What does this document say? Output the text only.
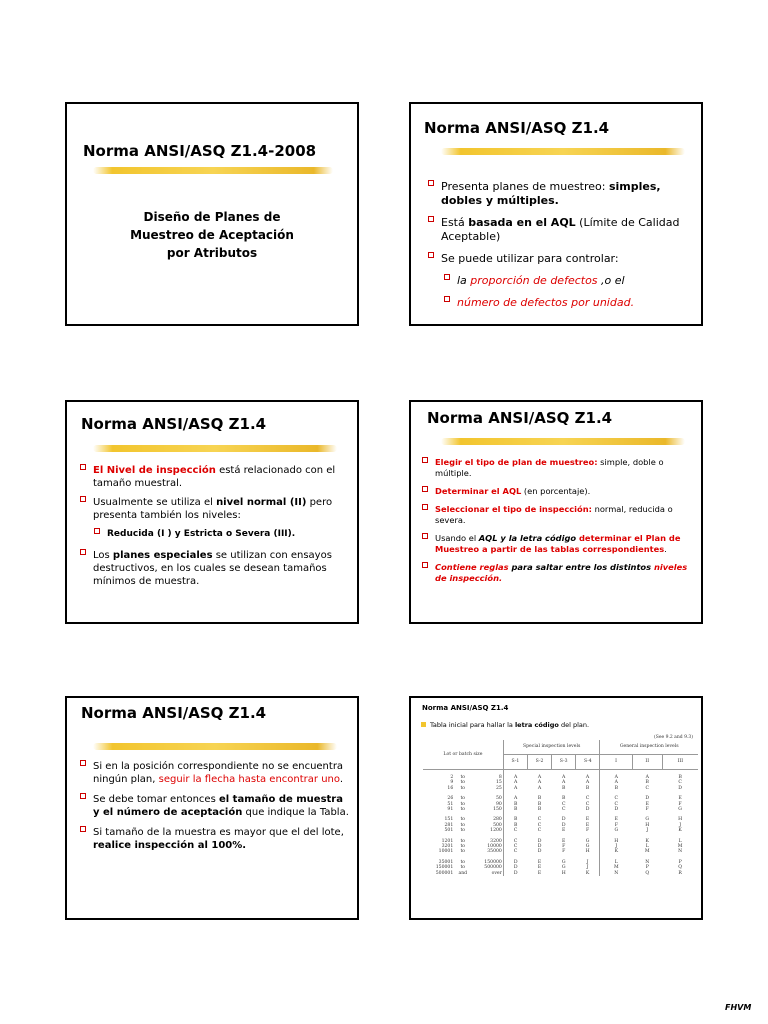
Norma ANSI/ASQ Z1.4-2008
Diseño de Planes de
Muestreo de Aceptación
por Atributos
Norma ANSI/ASQ Z1.4
Presenta planes de muestreo: simples, dobles y múltiples.
Está basada en el AQL (Límite de Calidad Aceptable)
Se puede utilizar para controlar:
la proporción de defectos ,o el
número de defectos por unidad.
Norma ANSI/ASQ Z1.4
El Nivel de inspección está relacionado con el tamaño muestral.
Usualmente se utiliza el nivel normal (II) pero presenta también los niveles:
Reducida (I ) y Estricta o Severa (III).
Los planes especiales se utilizan con ensayos destructivos, en los cuales se desean tamaños mínimos de muestra.
Norma ANSI/ASQ Z1.4
Elegir el tipo de plan de muestreo: simple, doble o múltiple.
Determinar el AQL (en porcentaje).
Seleccionar el tipo de inspección: normal, reducida o severa.
Usando el AQL y la letra código determinar el Plan de Muestreo a partir de las tablas correspondientes.
Contiene reglas para saltar entre los distintos niveles de inspección.
Norma ANSI/ASQ Z1.4
Si en la posición correspondiente no se encuentra ningún plan, seguir la flecha hasta encontrar uno.
Se debe tomar entonces el tamaño de muestra y el número de aceptación que indique la Tabla.
Si tamaño de la muestra es mayor que el del lote, realice inspección al 100%.
Norma ANSI/ASQ Z1.4
Tabla inicial para hallar la letra código del plan.
(See 9.2 and 9.3)
Lot or batch size			Special inspection levels				General inspection levels		
			S-1	S-2	S-3	S-4	I	II	III
2	to	8	A	A	A	A	A	A	B
9	to	15	A	A	A	A	A	B	C
16	to	25	A	A	B	B	B	C	D
26	to	50	A	B	B	C	C	D	E
51	to	90	B	B	C	C	C	E	F
91	to	150	B	B	C	D	D	F	G
151	to	280	B	C	D	E	E	G	H
281	to	500	B	C	D	E	F	H	J
501	to	1200	C	C	E	F	G	J	K
1201	to	3200	C	D	E	G	H	K	L
3201	to	10000	C	D	F	G	J	L	M
10001	to	35000	C	D	F	H	K	M	N
35001	to	150000	D	E	G	J	L	N	P
150001	to	500000	D	E	G	J	M	P	Q
500001	and	over	D	E	H	K	N	Q	R
FHVM
